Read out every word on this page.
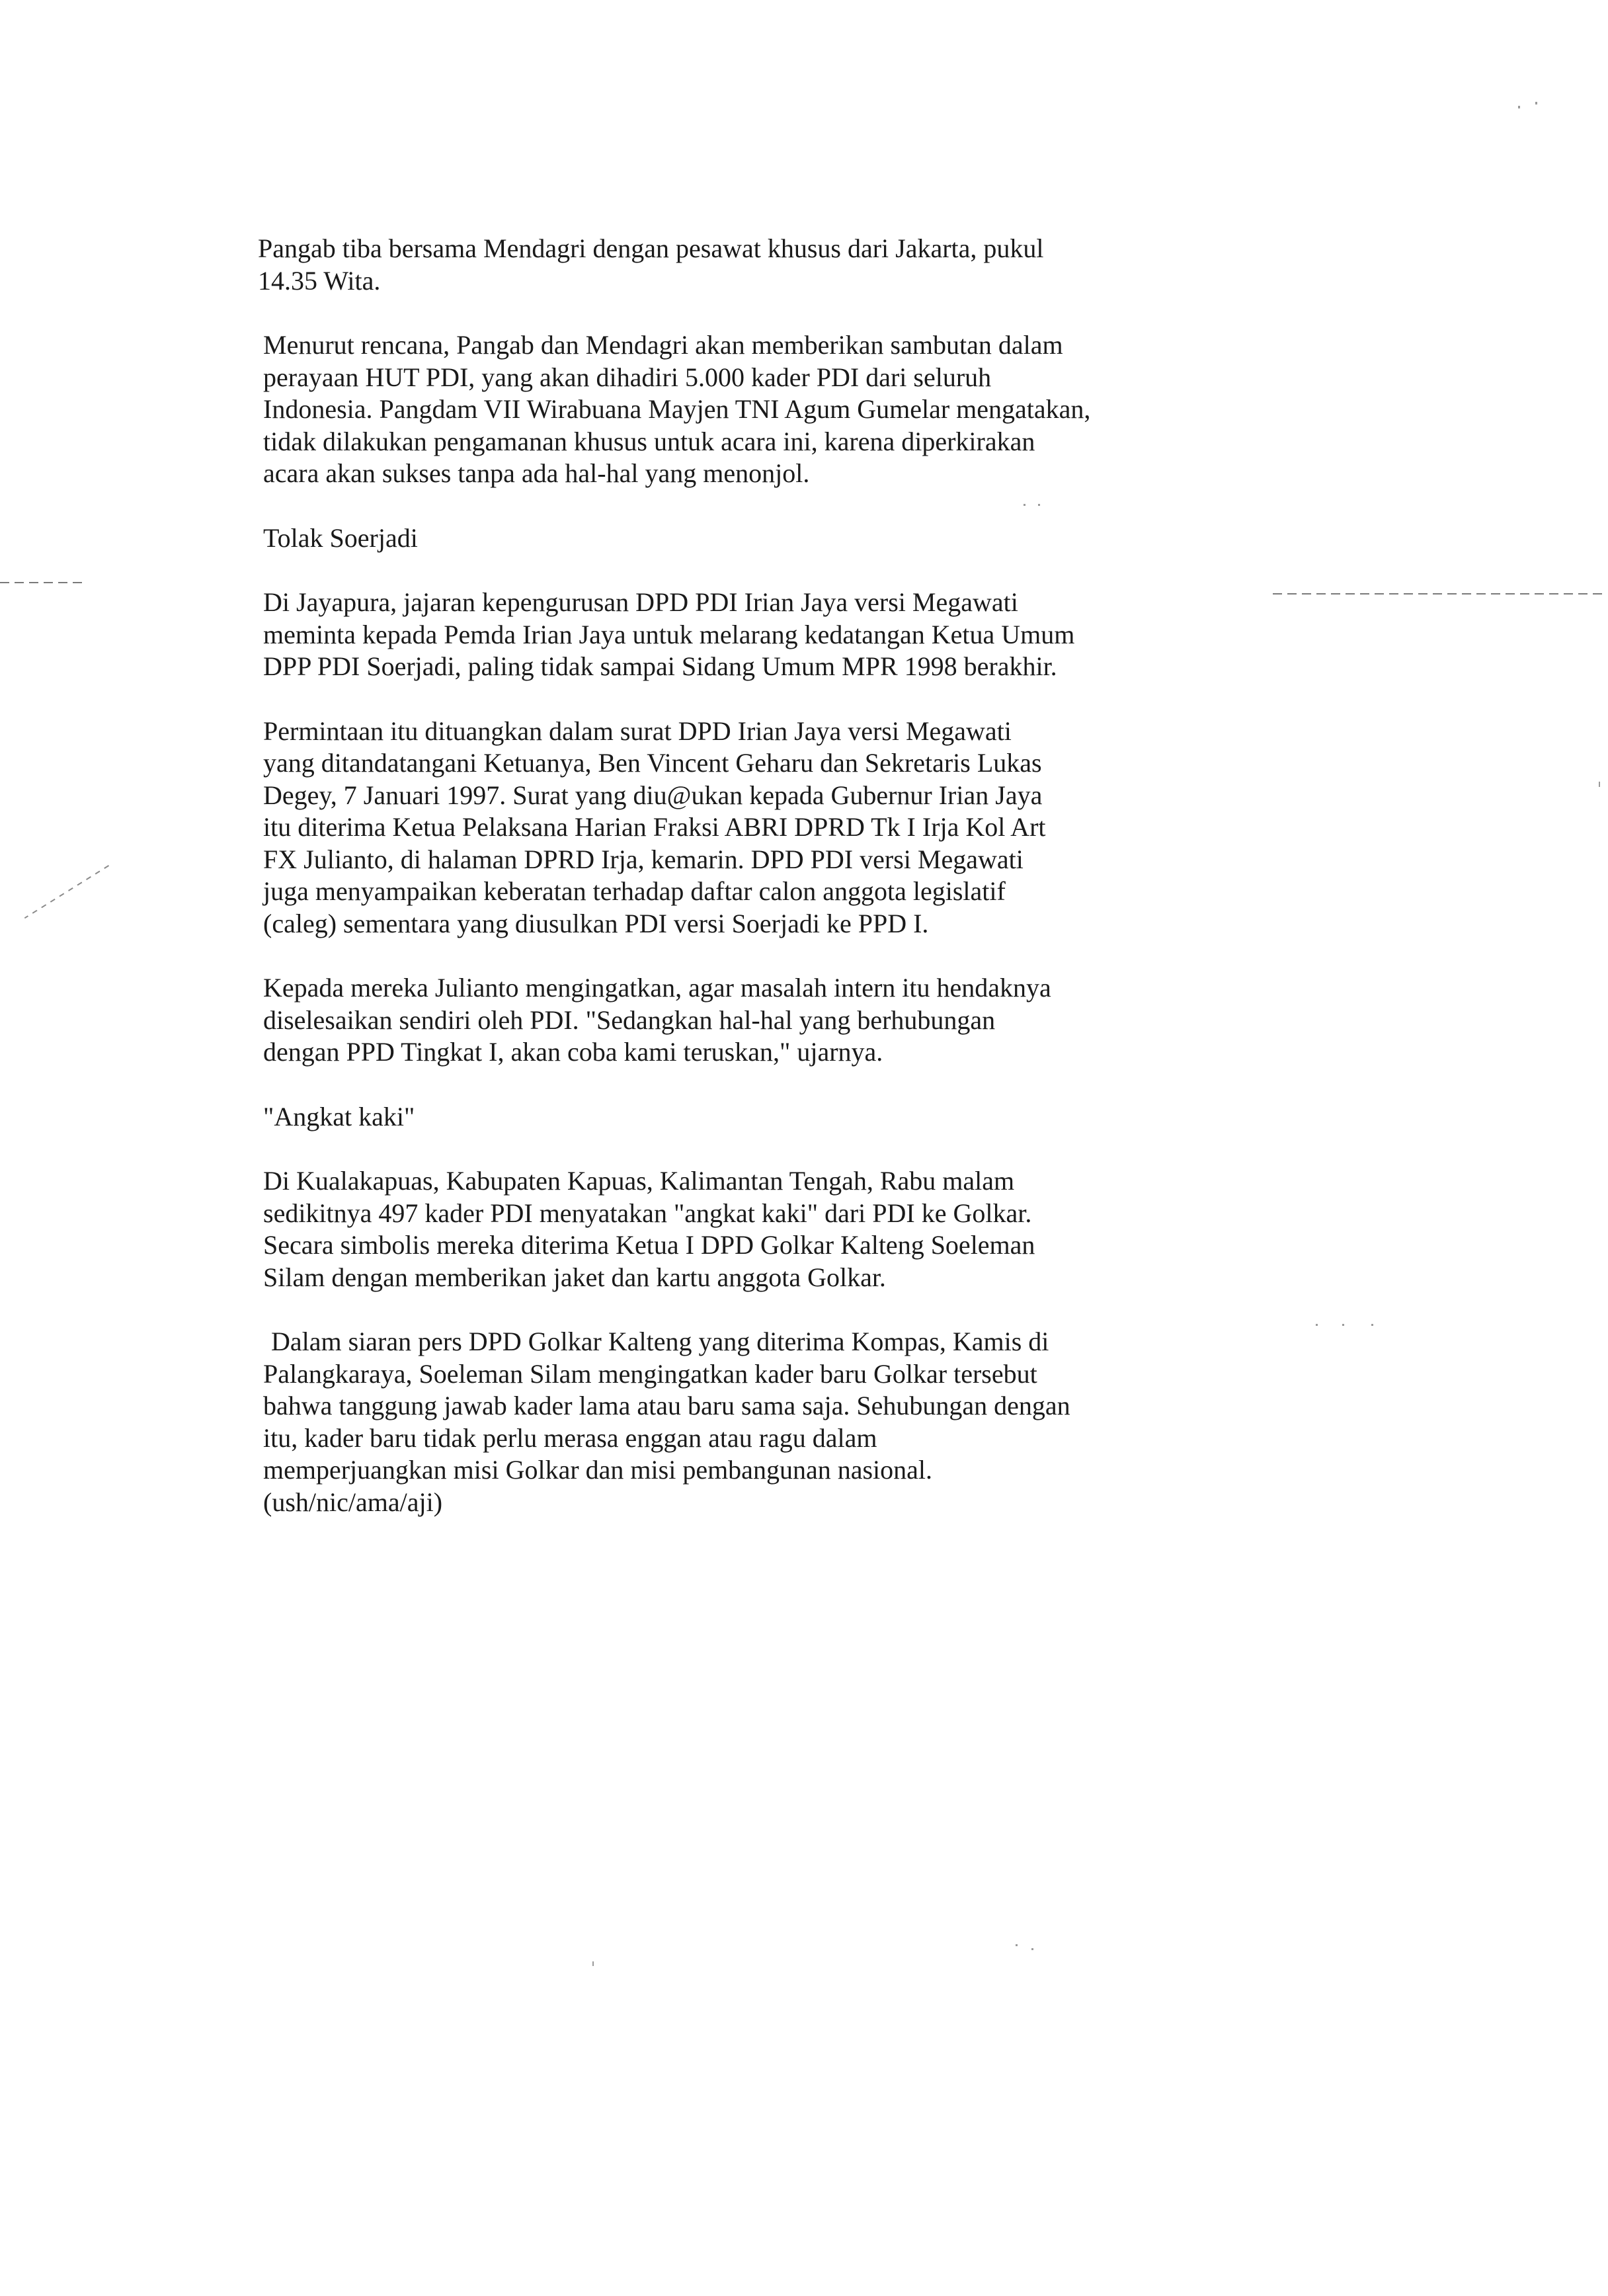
Pangab tiba bersama Mendagri dengan pesawat khusus dari Jakarta, pukul
14.35 Wita.

Menurut rencana, Pangab dan Mendagri akan memberikan sambutan dalam
perayaan HUT PDI, yang akan dihadiri 5.000 kader PDI dari seluruh
Indonesia. Pangdam VII Wirabuana Mayjen TNI Agum Gumelar mengatakan,
tidak dilakukan pengamanan khusus untuk acara ini, karena diperkirakan
acara akan sukses tanpa ada hal-hal yang menonjol.

Tolak Soerjadi

Di Jayapura, jajaran kepengurusan DPD PDI Irian Jaya versi Megawati
meminta kepada Pemda Irian Jaya untuk melarang kedatangan Ketua Umum
DPP PDI Soerjadi, paling tidak sampai Sidang Umum MPR 1998 berakhir.

Permintaan itu dituangkan dalam surat DPD Irian Jaya versi Megawati
yang ditandatangani Ketuanya, Ben Vincent Geharu dan Sekretaris Lukas
Degey, 7 Januari 1997. Surat yang diu@ukan kepada Gubernur Irian Jaya
itu diterima Ketua Pelaksana Harian Fraksi ABRI DPRD Tk I Irja Kol Art
FX Julianto, di halaman DPRD Irja, kemarin. DPD PDI versi Megawati
juga menyampaikan keberatan terhadap daftar calon anggota legislatif
(caleg) sementara yang diusulkan PDI versi Soerjadi ke PPD I.

Kepada mereka Julianto mengingatkan, agar masalah intern itu hendaknya
diselesaikan sendiri oleh PDI. "Sedangkan hal-hal yang berhubungan
dengan PPD Tingkat I, akan coba kami teruskan," ujarnya.

"Angkat kaki"

Di Kualakapuas, Kabupaten Kapuas, Kalimantan Tengah, Rabu malam
sedikitnya 497 kader PDI menyatakan "angkat kaki" dari PDI ke Golkar.
Secara simbolis mereka diterima Ketua I DPD Golkar Kalteng Soeleman
Silam dengan memberikan jaket dan kartu anggota Golkar.

Dalam siaran pers DPD Golkar Kalteng yang diterima Kompas, Kamis di
Palangkaraya, Soeleman Silam mengingatkan kader baru Golkar tersebut
bahwa tanggung jawab kader lama atau baru sama saja. Sehubungan dengan
itu, kader baru tidak perlu merasa enggan atau ragu dalam
memperjuangkan misi Golkar dan misi pembangunan nasional.
(ush/nic/ama/aji)
